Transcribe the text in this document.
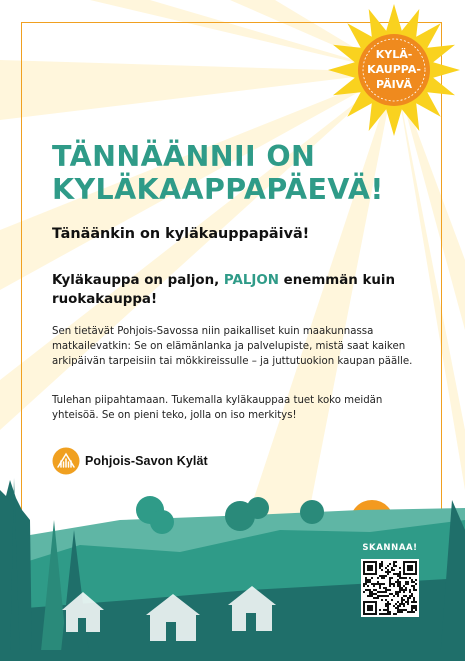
KYLÄ-
KAUPPA-
PÄIVÄ
TÄNNÄÄNNII ON
KYLÄKAAPPAPÄEVÄ!

Tänäänkin on kyläkauppapäivä!

Kyläkauppa on paljon, PALJON enemmän kuin ruokakauppa!

Sen tietävät Pohjois-Savossa niin paikalliset kuin maakunnassa matkailevatkin: Se on elämänlanka ja palvelupiste, mistä saat kaiken arkipäivän tarpeisiin tai mökkireissulle – ja juttutuokion kaupan päälle.

Tulehan piipahtamaan. Tukemalla kyläkauppaa tuet koko meidän yhteisöä. Se on pieni teko, jolla on iso merkitys!

Pohjois-Savon Kylät
SKANNAA!
